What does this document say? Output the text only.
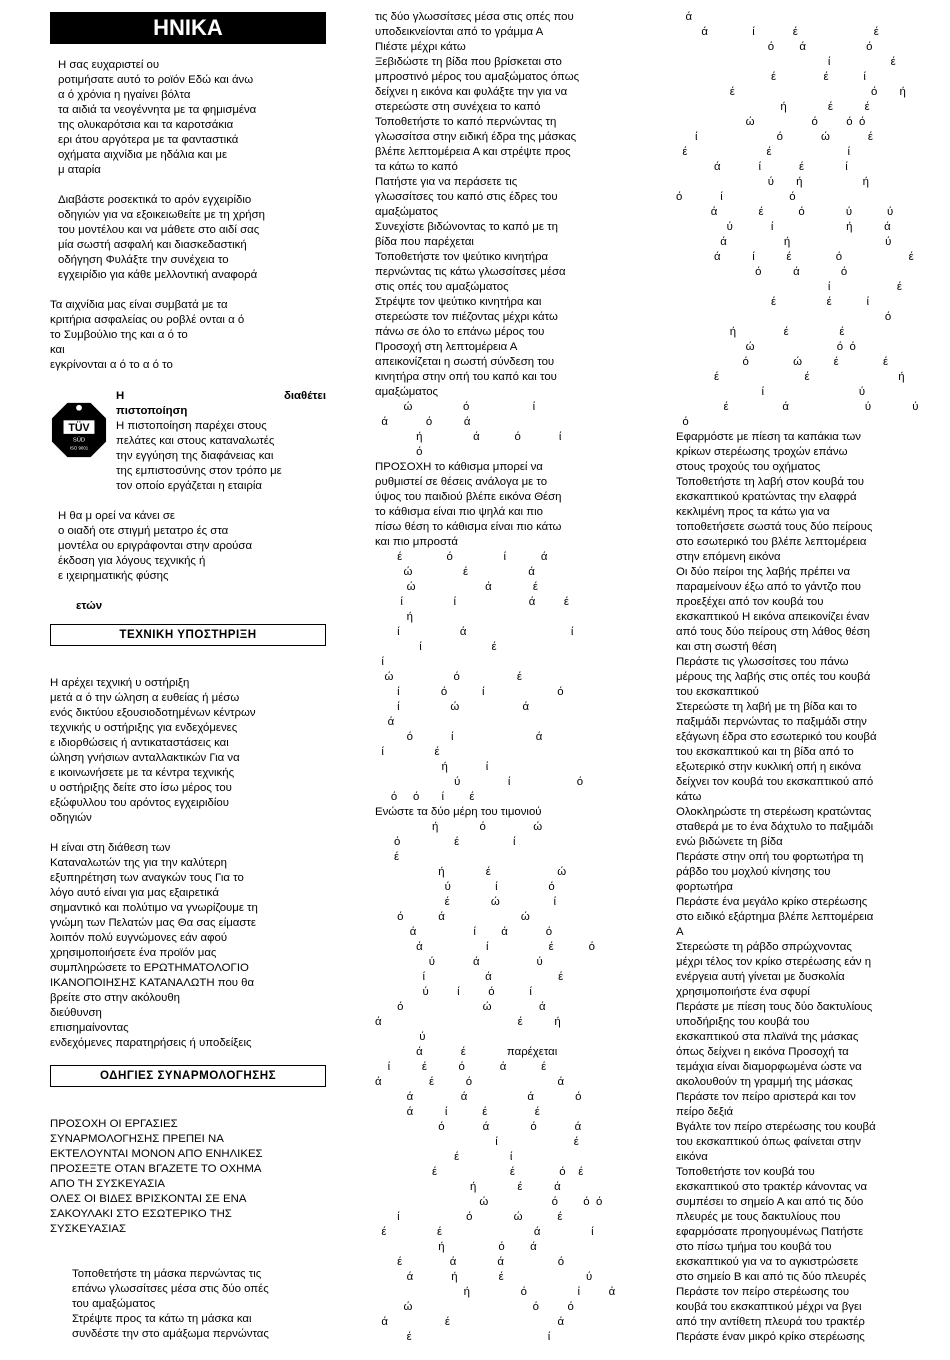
ΗΝΙΚΑ

Η σας ευχαριστεί ου
ροτιμήσατε αυτό το ροϊόν Εδώ και άνω
α ό χρόνια η ηγαίνει βόλτα
τα αιδιά τα νεογέννητα με τα φημισμένα
της ολυκαρότσια και τα καροτσάκια
ερι άτου αργότερα με τα φανταστικά
οχήματα αιχνίδια με ηδάλια και με
μ αταρία

Διαβάστε ροσεκτικά το αρόν εγχειρίδιο
οδηγιών για να εξοικειωθείτε με τη χρήση
του μοντέλου και να μάθετε στο αιδί σας
μία σωστή ασφαλή και διασκεδαστική
οδήγηση Φυλάξτε την συνέχεια το
εγχειρίδιο για κάθε μελλοντική αναφορά

Τα αιχνίδια μας είναι συμβατά με τα
κριτήρια ασφαλείας ου ροβλέ ονται α ό
το Συμβούλιο της και α ό το
και
εγκρίνονται α ό το α ό το

TÜV
SÜD
ISO 9001
Η	διαθέτει
πιστοποίηση

Η πιστοποίηση παρέχει στους
πελάτες και στους καταναλωτές
την εγγύηση της διαφάνειας και
της εμπιστοσύνης στον τρόπο με
τον οποίο εργάζεται η εταιρία

Η θα μ ορεί να κάνει σε
ο οιαδή οτε στιγμή μετατρο ές στα
μοντέλα ου εριγράφονται στην αρούσα
έκδοση για λόγους τεχνικής ή
ε ιχειρηματικής φύσης

ετών
ΤΕΧΝΙΚΗ ΥΠΟΣΤΗΡΙΞΗ

Η αρέχει τεχνική υ οστήριξη
μετά α ό την ώληση α ευθείας ή μέσω
ενός δικτύου εξουσιοδοτημένων κέντρων
τεχνικής υ οστήριξης για ενδεχόμενες
ε ιδιορθώσεις ή αντικαταστάσεις και
ώληση γνήσιων ανταλλακτικών Για να
ε ικοινωνήσετε με τα κέντρα τεχνικής
υ οστήριξης δείτε στο ίσω μέρος του
εξώφυλλου του αρόντος εγχειριδίου
οδηγιών

Η είναι στη διάθεση των
Καταναλωτών της για την καλύτερη
εξυπηρέτηση των αναγκών τους Για το
λόγο αυτό είναι για μας εξαιρετικά
σημαντικό και πολύτιμο να γνωρίζουμε τη
γνώμη των Πελατών μας Θα σας είμαστε
λοιπόν πολύ ευγνώμονες εάν αφού
χρησιμοποιήσετε ένα προϊόν μας
συμπληρώσετε το ΕΡΩΤΗΜΑΤΟΛΟΓΙΟ
ΙΚΑΝΟΠΟΙΗΣΗΣ ΚΑΤΑΝΑΛΩΤΗ που θα
βρείτε στο στην ακόλουθη
διεύθυνση
επισημαίνοντας
ενδεχόμενες παρατηρήσεις ή υποδείξεις

ΟΔΗΓΙΕΣ ΣΥΝΑΡΜΟΛΟΓΗΣΗΣ

ΠΡΟΣΟΧΗ ΟΙ ΕΡΓΑΣΙΕΣ
ΣΥΝΑΡΜΟΛΟΓΗΣΗΣ ΠΡΕΠΕΙ ΝΑ
ΕΚΤΕΛΟΥΝΤΑΙ ΜΟΝΟΝ ΑΠΟ ΕΝΗΛΙΚΕΣ
ΠΡΟΣΕΞΤΕ ΟΤΑΝ ΒΓΑΖΕΤΕ ΤΟ ΟΧΗΜΑ
ΑΠΟ ΤΗ ΣΥΣΚΕΥΑΣΙΑ
ΟΛΕΣ ΟΙ ΒΙΔΕΣ ΒΡΙΣΚΟΝΤΑΙ ΣΕ ΕΝΑ
ΣΑΚΟΥΛΑΚΙ ΣΤΟ ΕΣΩΤΕΡΙΚΟ ΤΗΣ
ΣΥΣΚΕΥΑΣΙΑΣ

Τοποθετήστε τη μάσκα περνώντας τις
επάνω γλωσσίτσες μέσα στις δύο οπές
του αμαξώματος
Στρέψτε προς τα κάτω τη μάσκα και
συνδέστε την στο αμάξωμα περνώντας

τις δύο γλωσσίτσες μέσα στις οπές που
υποδεικνείονται από το γράμμα Α
Πιέστε μέχρι κάτω
Ξεβιδώστε τη βίδα που βρίσκεται στο
μπροστινό μέρος του αμαξώματος όπως
δείχνει η εικόνα και φυλάξτε την για να
στερεώστε στη συνέχεια το καπό
Τοποθετήστε το καπό περνώντας τη
γλωσσίτσα στην ειδική έδρα της μάσκας
βλέπε λεπτομέρεια Α και στρέψτε προς
τα κάτω το καπό
Πατήστε για να περάσετε τις
γλωσσίτσες του καπό στις έδρες του
αμαξώματος
Συνεχίστε βιδώνοντας το καπό με τη
βίδα που παρέχεται
Τοποθετήστε τον ψεύτικο κινητήρα
περνώντας τις κάτω γλωσσίτσες μέσα
στις οπές του αμαξώματος
Στρέψτε τον ψεύτικο κινητήρα και
στερεώστε τον πιέζοντας μέχρι κάτω
πάνω σε όλο το επάνω μέρος του
Προσοχή στη λεπτομέρεια Α
απεικονίζεται η σωστή σύνδεση του
κινητήρα στην οπή του καπό και του
αμαξώματος

ώ                ό                    ί
ά            ό          ά
ή                ά           ό            ί
ό

ΠΡΟΣΟΧΗ το κάθισμα μπορεί να
ρυθμιστεί σε θέσεις ανάλογα με το
ύψος του παιδιού βλέπε εικόνα Θέση
το κάθισμα είναι πιο ψηλά και πιο
πίσω θέση το κάθισμα είναι πιο κάτω
και πιο μπροστά

έ              ό                ί           ά
ώ                έ                   ά
ώ                      ά             έ
ί                ί                       ά         έ
ή
ί                   ά                                 ί
ί                      έ
ί
ώ                   ό                  έ
ί             ό           ί                       ό
ί                ώ                    ά
ά
ό            ί                          ά
ί                έ
ή            ί
ύ               ί                     ό
ό     ό       ί        έ

Ενώστε τα δύο μέρη του τιμονιού

ή             ό               ώ
ό                 έ                 ί
έ
ή             έ                     ώ
ύ              ί                ό
έ             ώ                 ί
ό           ά                        ώ
ά                  ί        ά            ό
ά                    ί                   έ           ό
ύ            ά                  ύ
ί                   ά                     έ
ύ         ί         ό           ί
ό                         ώ               ά
ά                                           έ          ή
ύ
ά            έ             παρέχεται
ί          έ          ό           ά           έ
ά               έ          ό                           ά
ά               ά                   ά             ό
ά          ί           έ               έ
ό            ά             ό            ά
ί                        έ
έ                ί
έ                       έ              ό    έ
ή             έ          ά
ώ                    ό        ό  ό
ί                     ό             ώ           έ
έ                έ                             ά                ί
ή                 ό        ά
έ               ά             ά                 ό
ά            ή             έ                          ύ
ή                ό                ί         ά
ώ                                      ό         ό
ά                  έ                                  ά
έ                                           ί

ά
ά              ί            έ                        έ
ό        ά                   ό
ί                   έ
έ               έ           ί
έ                                           ό       ή
ή             έ          έ
ώ                  ό         ό  ό
ί                         ό            ώ            έ
έ                         έ                        ί
ά            ί            έ             ί
ύ       ή                   ή
ό            ί                     ό
ά             έ           ό             ύ           ύ
ύ            ί                       ή          ά
ά                  ή                              ύ
ά          ί          έ              ό                     έ
ό          ά             ό
ί                     έ
έ                έ           ί
ό
ή               έ                έ
ώ                          ό  ό
ό              ώ          έ              έ
έ                           έ                            ή
ί                              ύ
έ                 ά                        ύ             ύ
ό

Εφαρμόστε με πίεση τα καπάκια των
κρίκων στερέωσης τροχών επάνω
στους τροχούς του οχήματος
Τοποθετήστε τη λαβή στον κουβά του
εκσκαπτικού κρατώντας την ελαφρά
κεκλιμένη προς τα κάτω για να
τοποθετήσετε σωστά τους δύο πείρους
στο εσωτερικό του βλέπε λεπτομέρεια
στην επόμενη εικόνα
Οι δύο πείροι της λαβής πρέπει να
παραμείνουν έξω από το γάντζο που
προεξέχει από τον κουβά του
εκσκαπτικού Η εικόνα απεικονίζει έναν
από τους δύο πείρους στη λάθος θέση
και στη σωστή θέση
Περάστε τις γλωσσίτσες του πάνω
μέρους της λαβής στις οπές του κουβά
του εκσκαπτικού
Στερεώστε τη λαβή με τη βίδα και το
παξιμάδι περνώντας το παξιμάδι στην
εξάγωνη έδρα στο εσωτερικό του κουβά
του εκσκαπτικού και τη βίδα από το
εξωτερικό στην κυκλική οπή η εικόνα
δείχνει τον κουβά του εκσκαπτικού από
κάτω
Ολοκληρώστε τη στερέωση κρατώντας
σταθερά με το ένα δάχτυλο το παξιμάδι
ενώ βιδώνετε τη βίδα
Περάστε στην οπή του φορτωτήρα τη
ράβδο του μοχλού κίνησης του
φορτωτήρα
Περάστε ένα μεγάλο κρίκο στερέωσης
στο ειδικό εξάρτημα βλέπε λεπτομέρεια
Α
Στερεώστε τη ράβδο σπρώχνοντας
μέχρι τέλος τον κρίκο στερέωσης εάν η
ενέργεια αυτή γίνεται με δυσκολία
χρησιμοποιήστε ένα σφυρί
Περάστε με πίεση τους δύο δακτυλίους
υποδήριξης του κουβά του
εκσκαπτικού στα πλαϊνά της μάσκας
όπως δείχνει η εικόνα Προσοχή τα
τεμάχια είναι διαμορφωμένα ώστε να
ακολουθούν τη γραμμή της μάσκας
Περάστε τον πείρο αριστερά και τον
πείρο δεξιά
Βγάλτε τον πείρο στερέωσης του κουβά
του εκσκαπτικού όπως φαίνεται στην
εικόνα
Τοποθετήστε τον κουβά του
εκσκαπτικού στο τρακτέρ κάνοντας να
συμπέσει το σημείο Α και από τις δύο
πλευρές με τους δακτυλίους που
εφαρμόσατε προηγουμένως Πατήστε
στο πίσω τμήμα του κουβά του
εκσκαπτικού για να το αγκιστρώσετε
στο σημείο Β και από τις δύο πλευρές
Περάστε τον πείρο στερέωσης του
κουβά του εκσκαπτικού μέχρι να βγει
από την αντίθετη πλευρά του τρακτέρ
Περάστε έναν μικρό κρίκο στερέωσης
